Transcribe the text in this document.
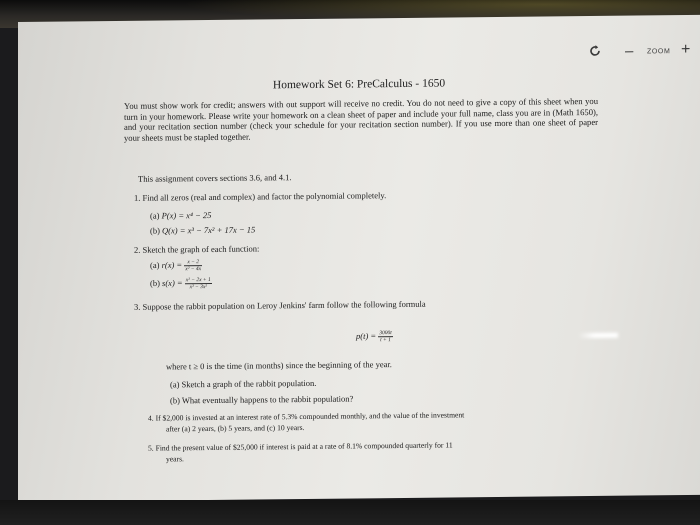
– ZOOM +
Homework Set 6: PreCalculus - 1650
You must show work for credit; answers with out support will receive no credit. You do not need to give a copy of this sheet when you turn in your homework. Please write your homework on a clean sheet of paper and include your full name, class you are in (Math 1650), and your recitation section number (check your schedule for your recitation section number). If you use more than one sheet of paper your sheets must be stapled together.
This assignment covers sections 3.6, and 4.1.
1. Find all zeros (real and complex) and factor the polynomial completely.
(a) P(x) = x⁴ − 25
(b) Q(x) = x³ − 7x² + 17x − 15
2. Sketch the graph of each function:
(a) $r(x) = \frac{x - 2}{\text{x² − 4x}}$
(b) $s(x) = \frac{\text{x² − 2x + 1}}{\text{x³ − 3x²}}$
3. Suppose the rabbit population on Leroy Jenkins' farm follow the following formula
$p(t) = \frac{3000t}{t + 1}$
where t ≥ 0 is the time (in months) since the beginning of the year.
(a) Sketch a graph of the rabbit population.
(b) What eventually happens to the rabbit population?
4. If $2,000 is invested at an interest rate of 5.3% compounded monthly, and the value of the investment
after (a) 2 years, (b) 5 years, and (c) 10 years.
5. Find the present value of $25,000 if interest is paid at a rate of 8.1% compounded quarterly for 11
years.
